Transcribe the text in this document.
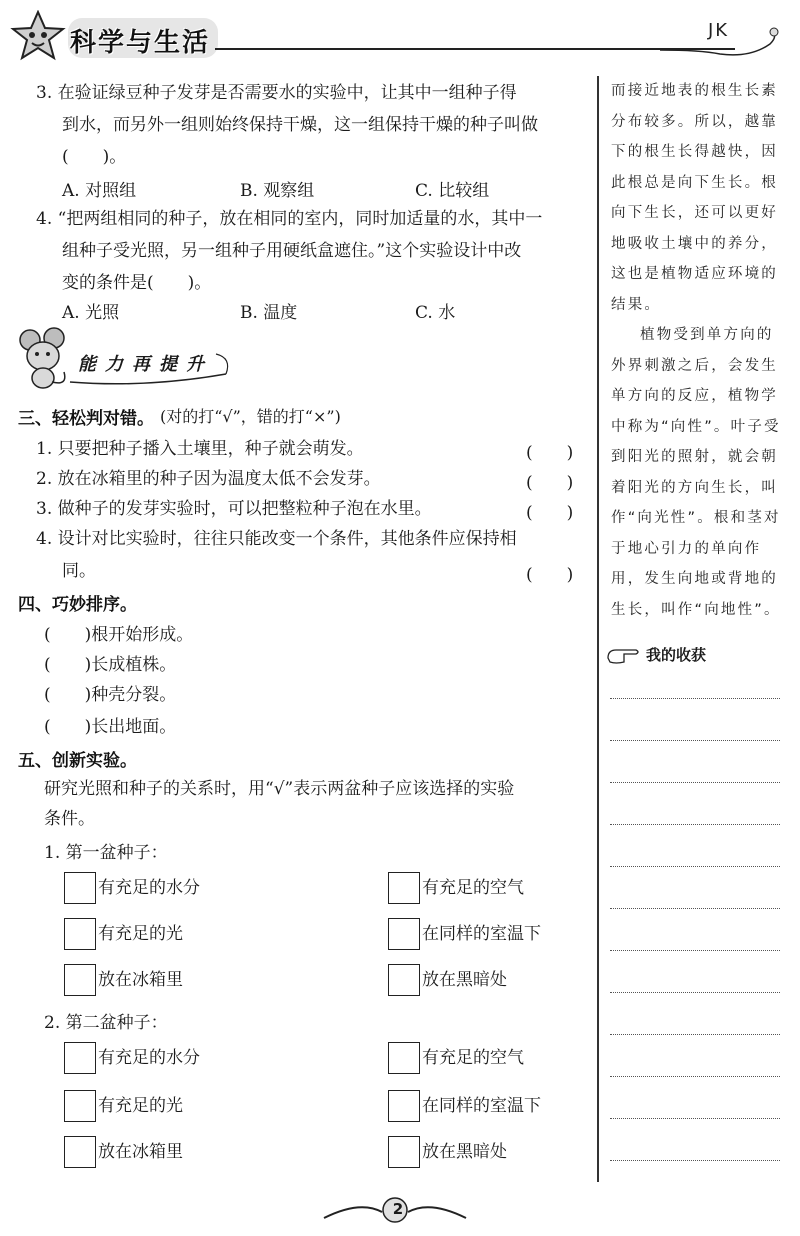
科学与生活	JK
3. 在验证绿豆种子发芽是否需要水的实验中，让其中一组种子得
到水，而另外一组则始终保持干燥，这一组保持干燥的种子叫做
(　　)。
A. 对照组	B. 观察组	C. 比较组
4. “把两组相同的种子，放在相同的室内，同时加适量的水，其中一
组种子受光照，另一组种子用硬纸盒遮住。”这个实验设计中改
变的条件是(　　)。
A. 光照	B. 温度	C. 水
能力再提升
三、轻松判对错。 (对的打“√”，错的打“×”)
1. 只要把种子播入土壤里，种子就会萌发。	(　　)
2. 放在冰箱里的种子因为温度太低不会发芽。	(　　)
3. 做种子的发芽实验时，可以把整粒种子泡在水里。	(　　)
4. 设计对比实验时，往往只能改变一个条件，其他条件应保持相
同。	(　　)
四、巧妙排序。
(　　)根开始形成。
(　　)长成植株。
(　　)种壳分裂。
(　　)长出地面。
五、创新实验。
研究光照和种子的关系时，用“√”表示两盆种子应该选择的实验
条件。
1. 第一盆种子：
有充足的水分	有充足的空气
有充足的光	在同样的室温下
放在冰箱里	放在黑暗处
2. 第二盆种子：
有充足的水分	有充足的空气
有充足的光	在同样的室温下
放在冰箱里	放在黑暗处

而接近地表的根生长素分布较多。所以，越靠下的根生长得越快，因此根总是向下生长。根向下生长，还可以更好地吸收土壤中的养分，这也是植物适应环境的结果。

植物受到单方向的外界刺激之后，会发生单方向的反应，植物学中称为“向性”。叶子受到阳光的照射，就会朝着阳光的方向生长，叫作“向光性”。根和茎对于地心引力的单向作用，发生向地或背地的生长，叫作“向地性”。

我的收获
2
